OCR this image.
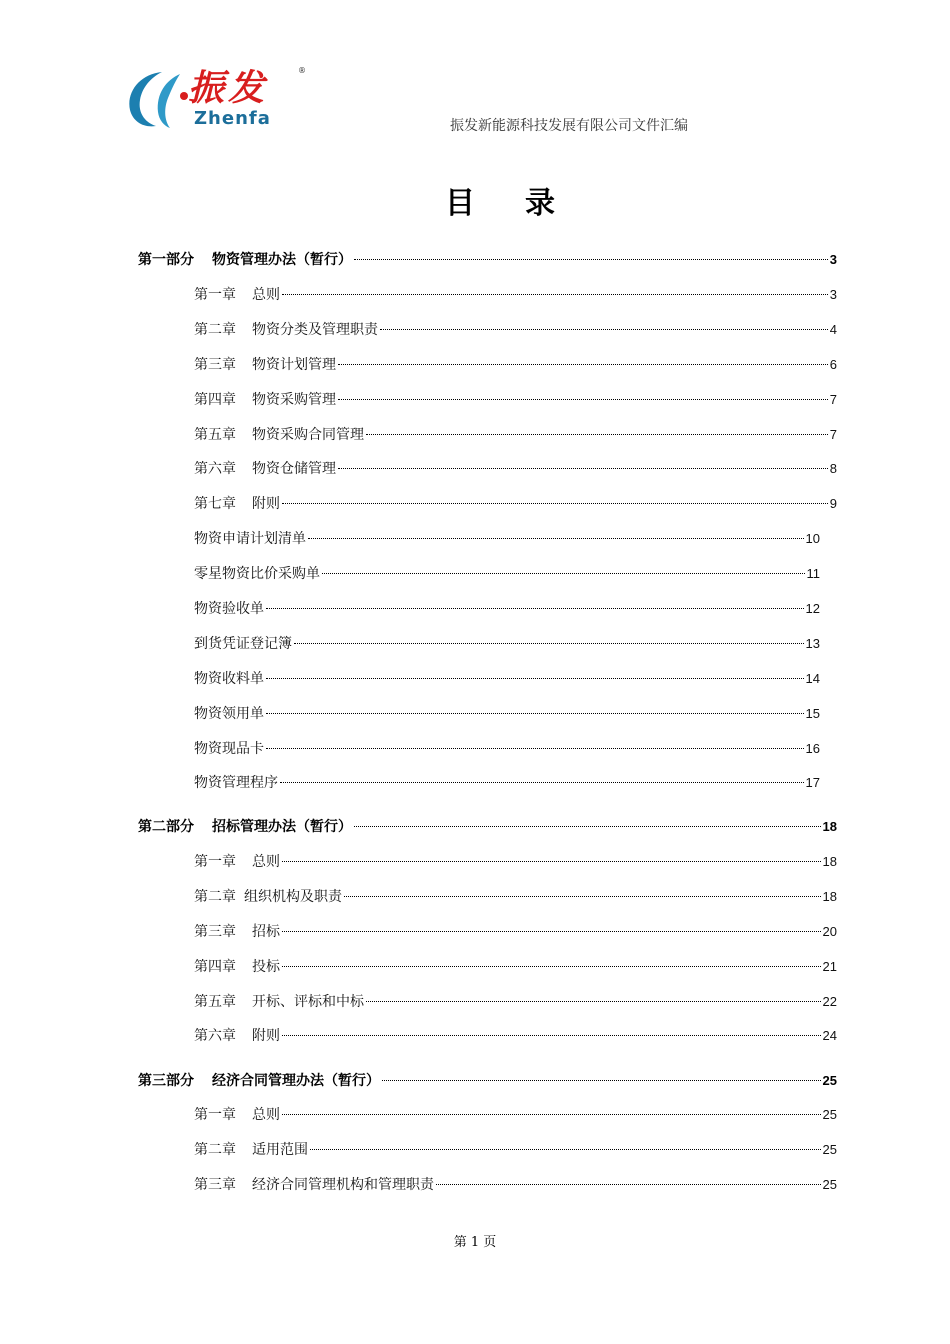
振发	®
Zhenfa	振发新能源科技发展有限公司文件汇编
目录
第一部分 物资管理办法（暂行）	3
第一章 总则	3
第二章 物资分类及管理职责	4
第三章 物资计划管理	6
第四章 物资采购管理	7
第五章 物资采购合同管理	7
第六章 物资仓储管理	8
第七章 附则	9
物资申请计划清单	10
零星物资比价采购单	11
物资验收单	12
到货凭证登记簿	13
物资收料单	14
物资领用单	15
物资现品卡	16
物资管理程序	17
第二部分 招标管理办法（暂行）	18
第一章 总则	18
第二章 组织机构及职责	18
第三章 招标	20
第四章 投标	21
第五章 开标、评标和中标	22
第六章 附则	24
第三部分 经济合同管理办法（暂行）	25
第一章 总则	25
第二章 适用范围	25
第三章 经济合同管理机构和管理职责	25
第 1 页
